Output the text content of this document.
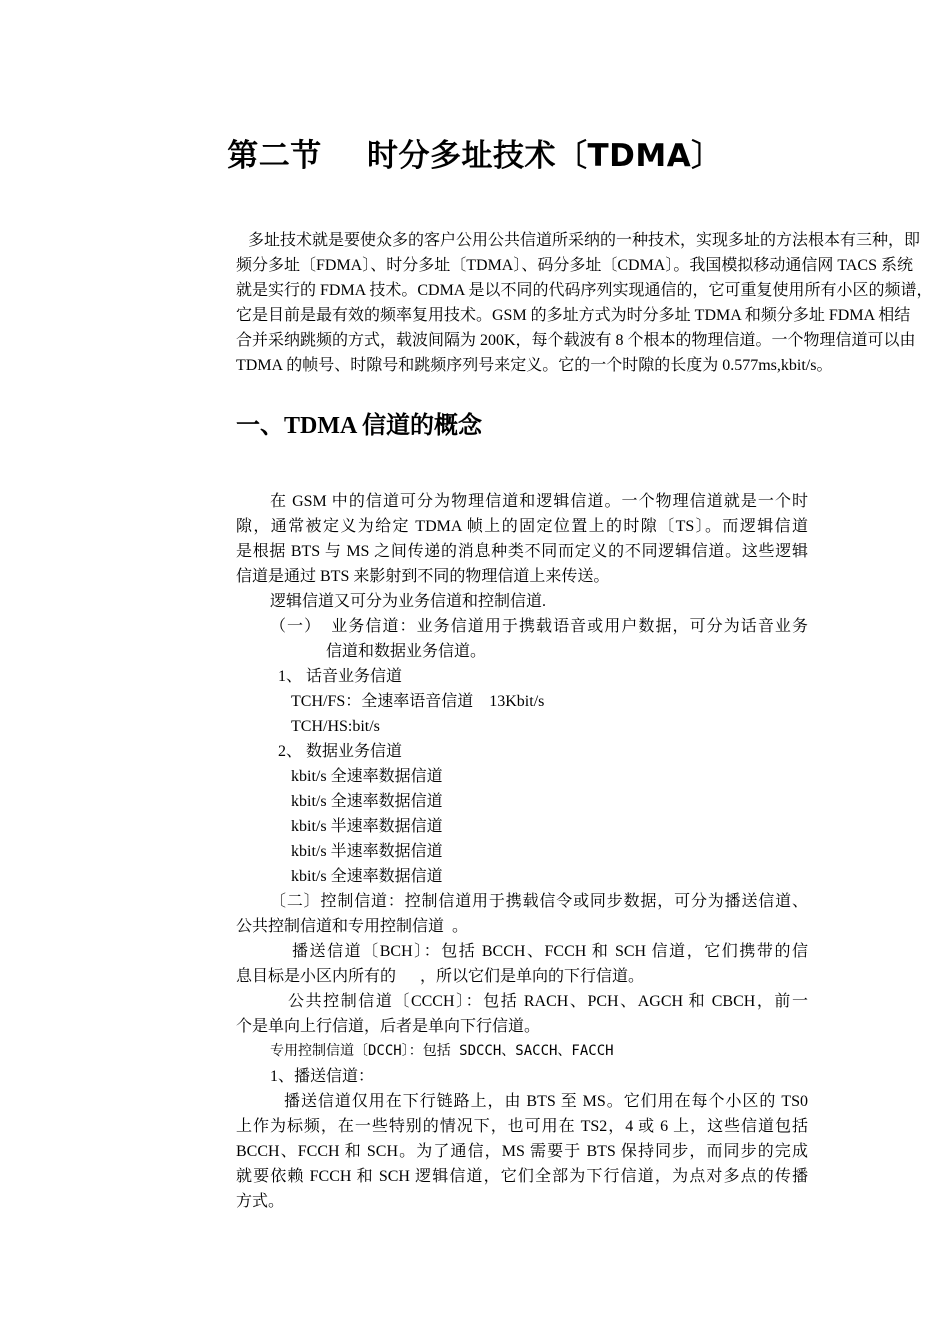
第二节    时分多址技术〔TDMA〕
多址技术就是要使众多的客户公用公共信道所采纳的一种技术，实现多址的方法根本有三种，即
频分多址〔FDMA〕、时分多址〔TDMA〕、码分多址〔CDMA〕。我国模拟移动通信网 TACS 系统
就是实行的 FDMA 技术。CDMA 是以不同的代码序列实现通信的，它可重复使用所有小区的频谱，
它是目前是最有效的频率复用技术。GSM 的多址方式为时分多址 TDMA 和频分多址 FDMA 相结
合并采纳跳频的方式，载波间隔为 200K，每个载波有 8 个根本的物理信道。一个物理信道可以由
TDMA 的帧号、时隙号和跳频序列号来定义。它的一个时隙的长度为 0.577ms,kbit/s。
一、TDMA 信道的概念
在 GSM 中的信道可分为物理信道和逻辑信道。一个物理信道就是一个时
隙，通常被定义为给定 TDMA 帧上的固定位置上的时隙〔TS〕。而逻辑信道
是根据 BTS 与 MS 之间传递的消息种类不同而定义的不同逻辑信道。这些逻辑
信道是通过 BTS 来影射到不同的物理信道上来传送。
逻辑信道又可分为业务信道和控制信道.
（一）  业务信道：业务信道用于携载语音或用户数据，可分为话音业务
信道和数据业务信道。
1、 话音业务信道
TCH/FS：全速率语音信道    13Kbit/s
TCH/HS:bit/s
2、 数据业务信道
kbit/s 全速率数据信道
kbit/s 全速率数据信道
kbit/s 半速率数据信道
kbit/s 半速率数据信道
kbit/s 全速率数据信道
〔二〕控制信道：控制信道用于携载信令或同步数据，可分为播送信道、
公共控制信道和专用控制信道  。
播送信道〔BCH〕：包括 BCCH、FCCH 和 SCH 信道，它们携带的信
息目标是小区内所有的      ，所以它们是单向的下行信道。
公共控制信道〔CCCH〕：包括 RACH、PCH、AGCH 和 CBCH，前一
个是单向上行信道，后者是单向下行信道。
专用控制信道〔DCCH〕：包括 SDCCH、SACCH、FACCH
1、播送信道：
播送信道仅用在下行链路上，由 BTS 至 MS。它们用在每个小区的 TS0
上作为标频，在一些特别的情况下，也可用在 TS2，4 或 6 上，这些信道包括
BCCH、FCCH 和 SCH。为了通信，MS 需要于 BTS 保持同步，而同步的完成
就要依赖 FCCH 和 SCH 逻辑信道，它们全部为下行信道，为点对多点的传播
方式。
